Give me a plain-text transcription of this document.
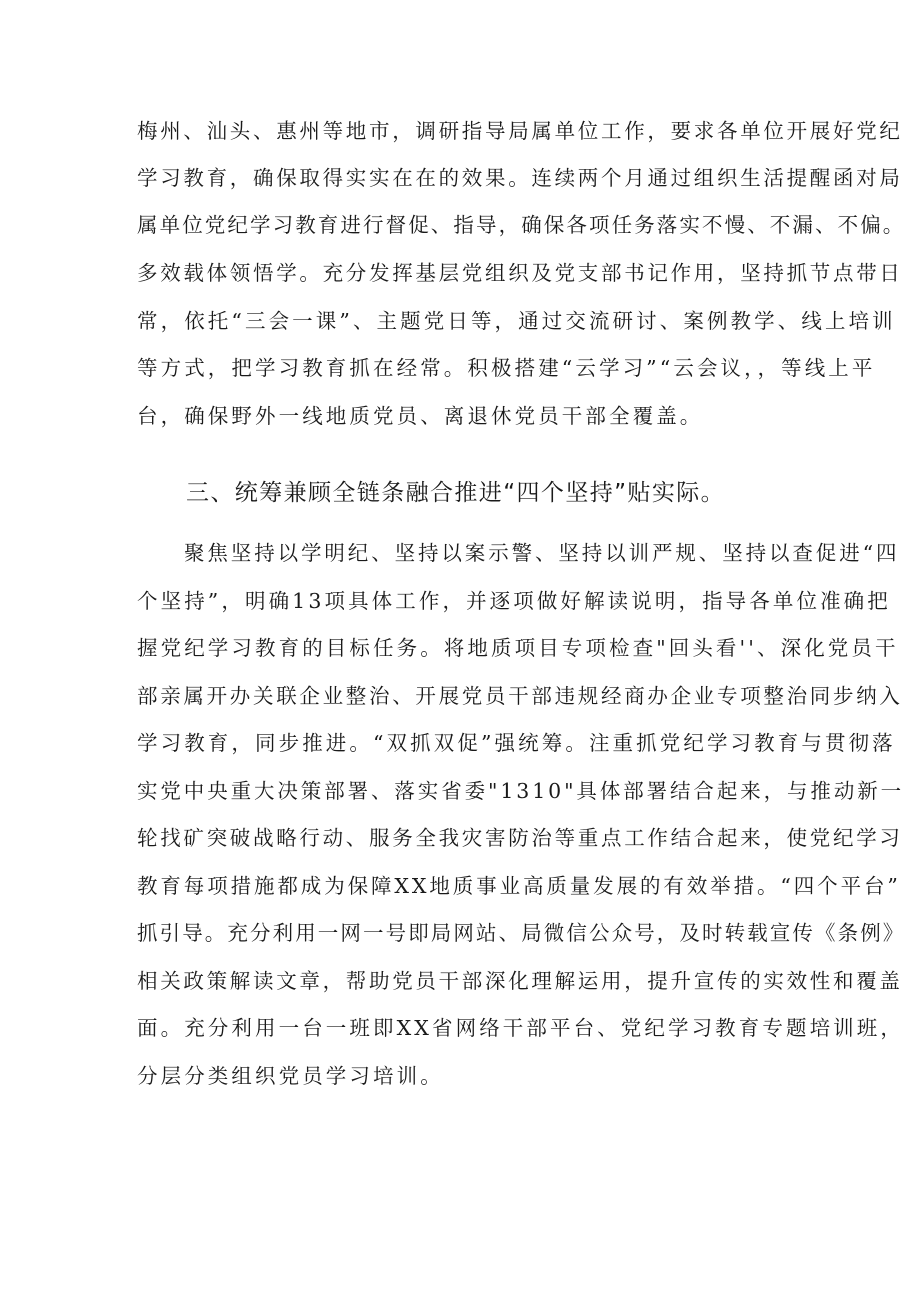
梅州、汕头、惠州等地市，调研指导局属单位工作，要求各单位开展好党纪
学习教育，确保取得实实在在的效果。连续两个月通过组织生活提醒函对局
属单位党纪学习教育进行督促、指导，确保各项任务落实不慢、不漏、不偏。
多效载体领悟学。充分发挥基层党组织及党支部书记作用，坚持抓节点带日
常，依托“三会一课”、主题党日等，通过交流研讨、案例教学、线上培训
等方式，把学习教育抓在经常。积极搭建“云学习”“云会议，，等线上平
台，确保野外一线地质党员、离退休党员干部全覆盖。
三、统筹兼顾全链条融合推进“四个坚持”贴实际。
聚焦坚持以学明纪、坚持以案示警、坚持以训严规、坚持以查促进“四
个坚持”，明确13项具体工作，并逐项做好解读说明，指导各单位准确把
握党纪学习教育的目标任务。将地质项目专项检查"回头看''、深化党员干
部亲属开办关联企业整治、开展党员干部违规经商办企业专项整治同步纳入
学习教育，同步推进。“双抓双促”强统筹。注重抓党纪学习教育与贯彻落
实党中央重大决策部署、落实省委"1310"具体部署结合起来，与推动新一
轮找矿突破战略行动、服务全我灾害防治等重点工作结合起来，使党纪学习
教育每项措施都成为保障XX地质事业高质量发展的有效举措。“四个平台”
抓引导。充分利用一网一号即局网站、局微信公众号，及时转载宣传《条例》
相关政策解读文章，帮助党员干部深化理解运用，提升宣传的实效性和覆盖
面。充分利用一台一班即XX省网络干部平台、党纪学习教育专题培训班，
分层分类组织党员学习培训。
